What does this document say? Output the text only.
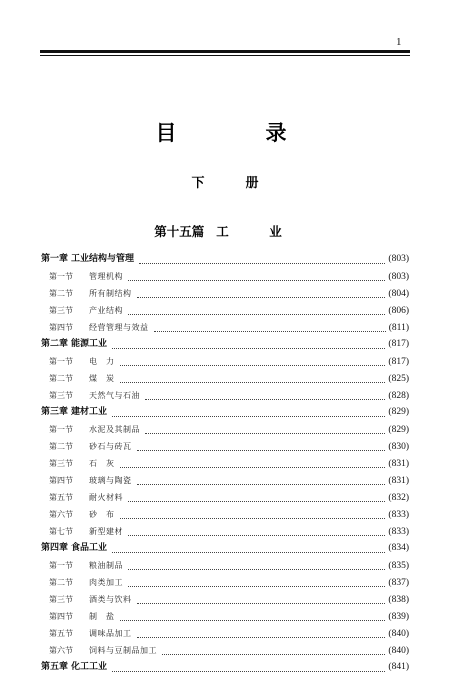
1
目　录
下　册
第十五篇 工　业
第一章 工业结构与管理	(803)
第一节	管理机构	(803)
第二节	所有制结构	(804)
第三节	产业结构	(806)
第四节	经营管理与效益	(811)
第二章 能源工业	(817)
第一节	电　力	(817)
第二节	煤　炭	(825)
第三节	天然气与石油	(828)
第三章 建材工业	(829)
第一节	水泥及其制品	(829)
第二节	砂石与砖瓦	(830)
第三节	石　灰	(831)
第四节	玻璃与陶瓷	(831)
第五节	耐火材料	(832)
第六节	砂　布	(833)
第七节	新型建材	(833)
第四章 食品工业	(834)
第一节	粮油制品	(835)
第二节	肉类加工	(837)
第三节	酒类与饮料	(838)
第四节	制　盐	(839)
第五节	调味品加工	(840)
第六节	饲料与豆制品加工	(840)
第五章 化工工业	(841)
